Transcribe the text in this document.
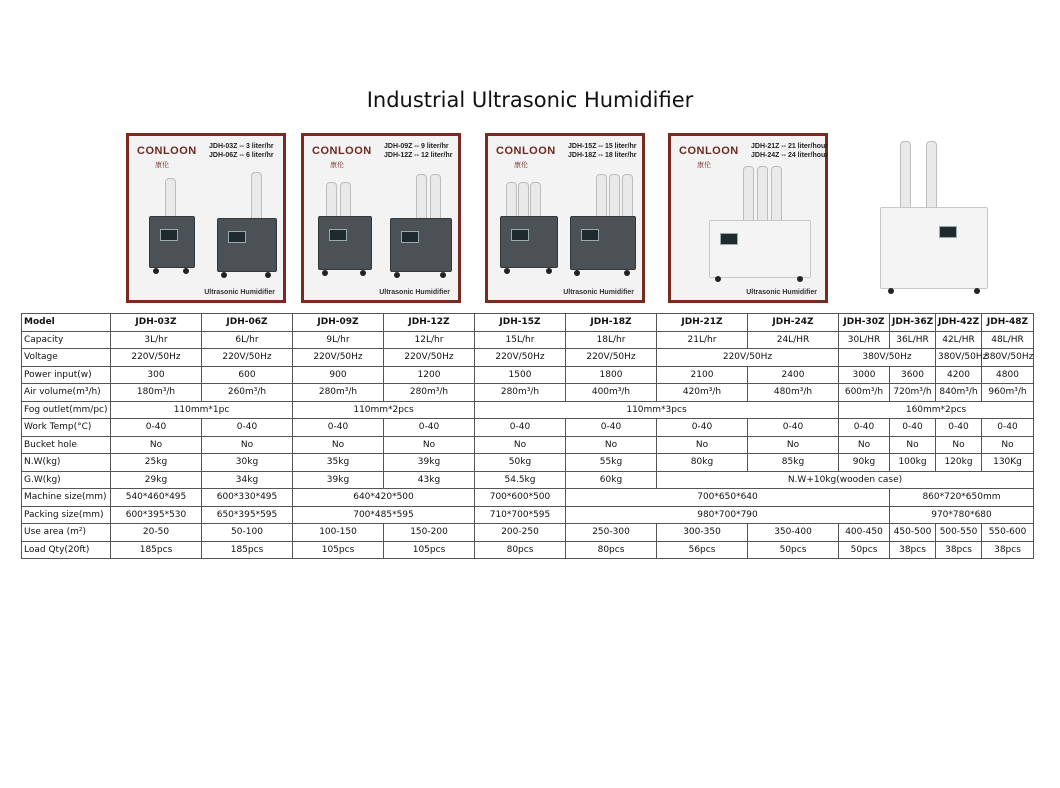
Industrial Ultrasonic Humidifier
CONLOON
康伦
JDH-03Z -- 3 liter/hr
JDH-06Z -- 6 liter/hr
Ultrasonic Humidifier
CONLOON
康伦
JDH-09Z -- 9 liter/hr
JDH-12Z -- 12 liter/hr
Ultrasonic Humidifier
CONLOON
康伦
JDH-15Z -- 15 liter/hr
JDH-18Z -- 18 liter/hr
Ultrasonic Humidifier
CONLOON
康伦
JDH-21Z -- 21 liter/hour
JDH-24Z -- 24 liter/hour
Ultrasonic Humidifier
Model	JDH-03Z	JDH-06Z	JDH-09Z	JDH-12Z	JDH-15Z	JDH-18Z	JDH-21Z	JDH-24Z	JDH-30Z	JDH-36Z	JDH-42Z	JDH-48Z
Capacity	3L/hr	6L/hr	9L/hr	12L/hr	15L/hr	18L/hr	21L/hr	24L/HR	30L/HR	36L/HR	42L/HR	48L/HR
Voltage	220V/50Hz	220V/50Hz	220V/50Hz	220V/50Hz	220V/50Hz	220V/50Hz	220V/50Hz		380V/50Hz		380V/50Hz	380V/50Hz
Power input(w)	300	600	900	1200	1500	1800	2100	2400	3000	3600	4200	4800
Air volume(m³/h)	180m³/h	260m³/h	280m³/h	280m³/h	280m³/h	400m³/h	420m³/h	480m³/h	600m³/h	720m³/h	840m³/h	960m³/h
Fog outlet(mm/pc)	110mm*1pc		110mm*2pcs		110mm*3pcs				160mm*2pcs			
Work Temp(°C)	0-40	0-40	0-40	0-40	0-40	0-40	0-40	0-40	0-40	0-40	0-40	0-40
Bucket hole	No	No	No	No	No	No	No	No	No	No	No	No
N.W(kg)	25kg	30kg	35kg	39kg	50kg	55kg	80kg	85kg	90kg	100kg	120kg	130Kg
G.W(kg)	29kg	34kg	39kg	43kg	54.5kg	60kg	N.W+10kg(wooden case)					
Machine size(mm)	540*460*495	600*330*495	640*420*500		700*600*500	700*650*640				860*720*650mm		
Packing size(mm)	600*395*530	650*395*595	700*485*595		710*700*595	980*700*790				970*780*680		
Use area (m²)	20-50	50-100	100-150	150-200	200-250	250-300	300-350	350-400	400-450	450-500	500-550	550-600
Load Qty(20ft)	185pcs	185pcs	105pcs	105pcs	80pcs	80pcs	56pcs	50pcs	50pcs	38pcs	38pcs	38pcs
